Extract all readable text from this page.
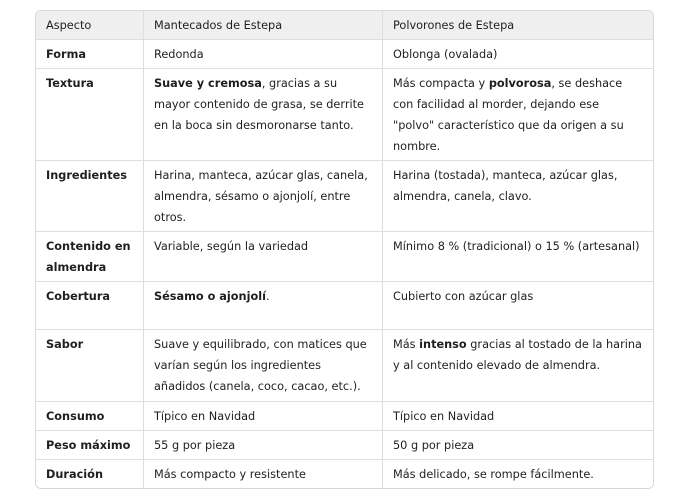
Aspecto	Mantecados de Estepa	Polvorones de Estepa
Forma	Redonda	Oblonga (ovalada)
Textura	Suave y cremosa, gracias a su mayor contenido de grasa, se derrite en la boca sin desmoronarse tanto.	Más compacta y polvorosa, se deshace con facilidad al morder, dejando ese "polvo" característico que da origen a su nombre.
Ingredientes	Harina, manteca, azúcar glas, canela, almendra, sésamo o ajonjolí, entre otros.	Harina (tostada), manteca, azúcar glas, almendra, canela, clavo.
Contenido en almendra	Variable, según la variedad	Mínimo 8 % (tradicional) o 15 % (artesanal)
Cobertura	Sésamo o ajonjolí.	Cubierto con azúcar glas
Sabor	Suave y equilibrado, con matices que varían según los ingredientes añadidos (canela, coco, cacao, etc.).	Más intenso gracias al tostado de la harina y al contenido elevado de almendra.
Consumo	Típico en Navidad	Típico en Navidad
Peso máximo	55 g por pieza	50 g por pieza
Duración	Más compacto y resistente	Más delicado, se rompe fácilmente.
